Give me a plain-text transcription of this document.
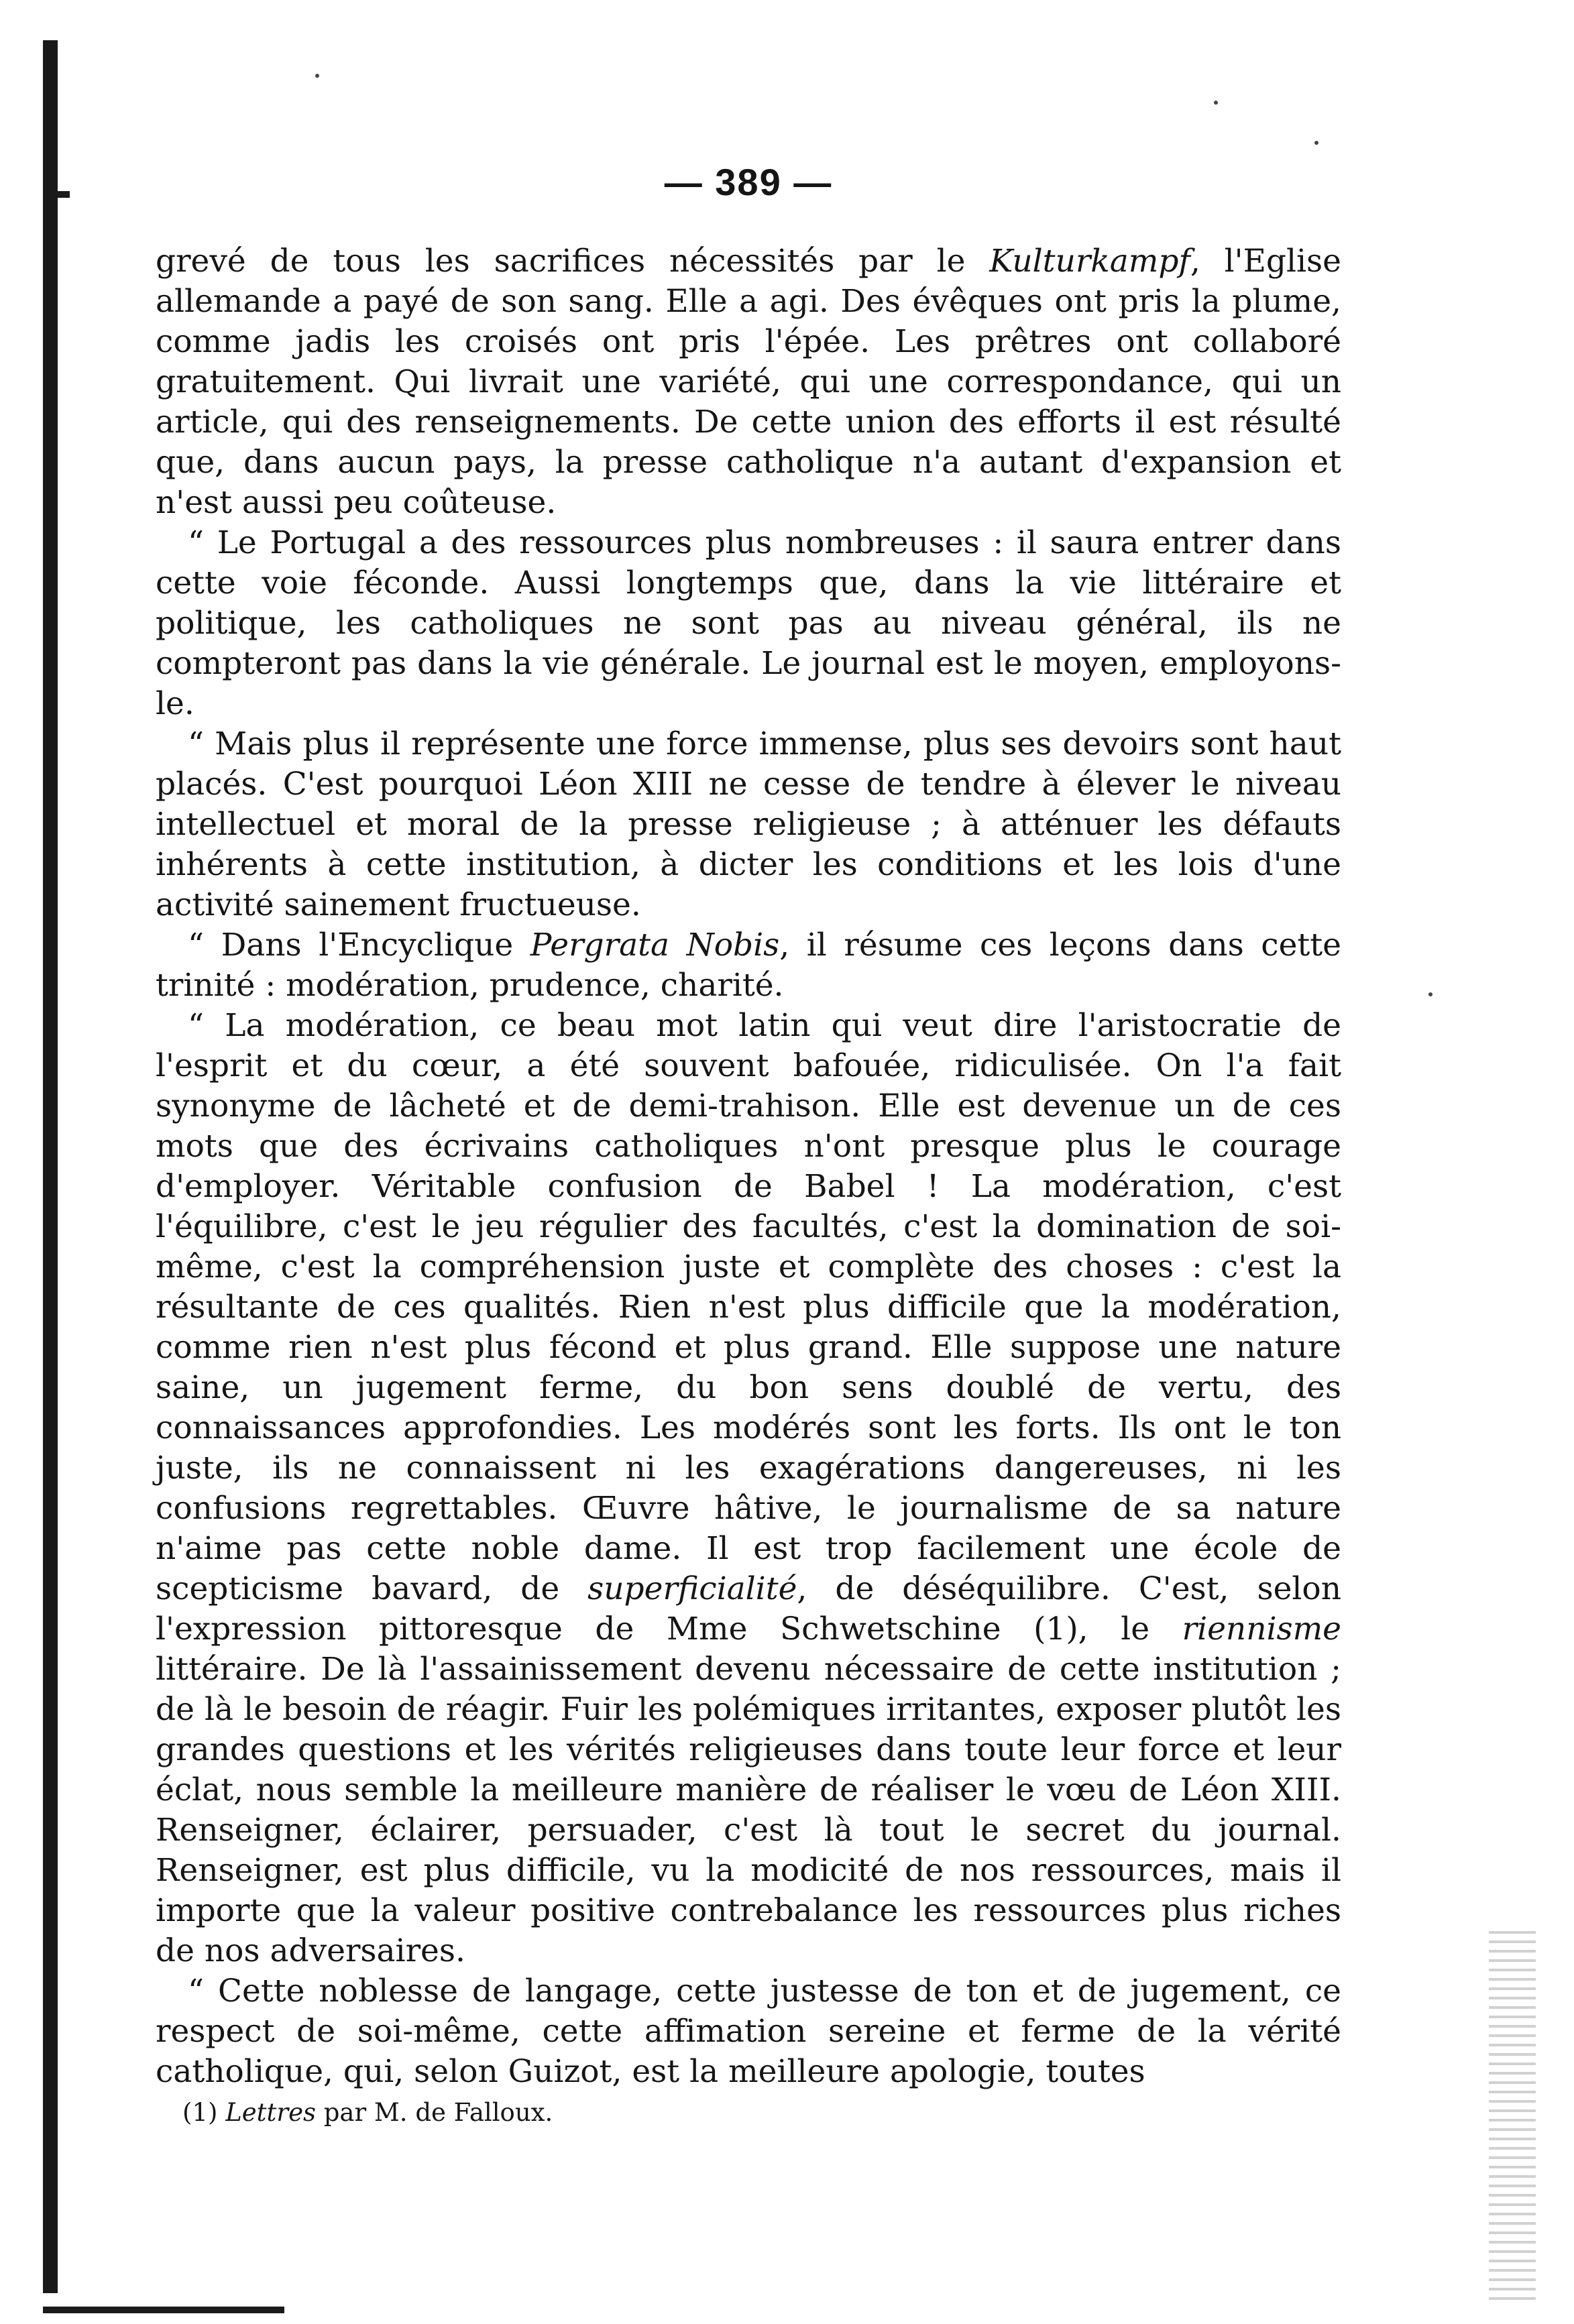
— 389 —

grevé de tous les sacrifices nécessités par le Kulturkampf, l'Eglise allemande a payé de son sang. Elle a agi. Des évêques ont pris la plume, comme jadis les croisés ont pris l'épée. Les prêtres ont collaboré gratuitement. Qui livrait une variété, qui une correspondance, qui un article, qui des renseignements. De cette union des efforts il est résulté que, dans aucun pays, la presse catholique n'a autant d'expansion et n'est aussi peu coûteuse.

“ Le Portugal a des ressources plus nombreuses : il saura entrer dans cette voie féconde. Aussi longtemps que, dans la vie littéraire et politique, les catholiques ne sont pas au niveau général, ils ne compteront pas dans la vie générale. Le journal est le moyen, employons-le.

“ Mais plus il représente une force immense, plus ses devoirs sont haut placés. C'est pourquoi Léon XIII ne cesse de tendre à élever le niveau intellectuel et moral de la presse religieuse ; à atténuer les défauts inhérents à cette institution, à dicter les conditions et les lois d'une activité sainement fructueuse.

“ Dans l'Encyclique Pergrata Nobis, il résume ces leçons dans cette trinité : modération, prudence, charité.

“ La modération, ce beau mot latin qui veut dire l'aristocratie de l'esprit et du cœur, a été souvent bafouée, ridiculisée. On l'a fait synonyme de lâcheté et de demi-trahison. Elle est devenue un de ces mots que des écrivains catholiques n'ont presque plus le courage d'employer. Véritable confusion de Babel ! La modération, c'est l'équilibre, c'est le jeu régulier des facultés, c'est la domination de soi-même, c'est la compréhension juste et complète des choses : c'est la résultante de ces qualités. Rien n'est plus difficile que la modération, comme rien n'est plus fécond et plus grand. Elle suppose une nature saine, un jugement ferme, du bon sens doublé de vertu, des connaissances approfondies. Les modérés sont les forts. Ils ont le ton juste, ils ne connaissent ni les exagérations dangereuses, ni les confusions regrettables. Œuvre hâtive, le journalisme de sa nature n'aime pas cette noble dame. Il est trop facilement une école de scepticisme bavard, de superficialité, de déséquilibre. C'est, selon l'expression pittoresque de Mme Schwetschine (1), le riennisme littéraire. De là l'assainissement devenu nécessaire de cette institution ; de là le besoin de réagir. Fuir les polémiques irritantes, exposer plutôt les grandes questions et les vérités religieuses dans toute leur force et leur éclat, nous semble la meilleure manière de réaliser le vœu de Léon XIII. Renseigner, éclairer, persuader, c'est là tout le secret du journal. Renseigner, est plus difficile, vu la modicité de nos ressources, mais il importe que la valeur positive contrebalance les ressources plus riches de nos adversaires.

“ Cette noblesse de langage, cette justesse de ton et de jugement, ce respect de soi-même, cette affimation sereine et ferme de la vérité catholique, qui, selon Guizot, est la meilleure apologie, toutes

(1) Lettres par M. de Falloux.
